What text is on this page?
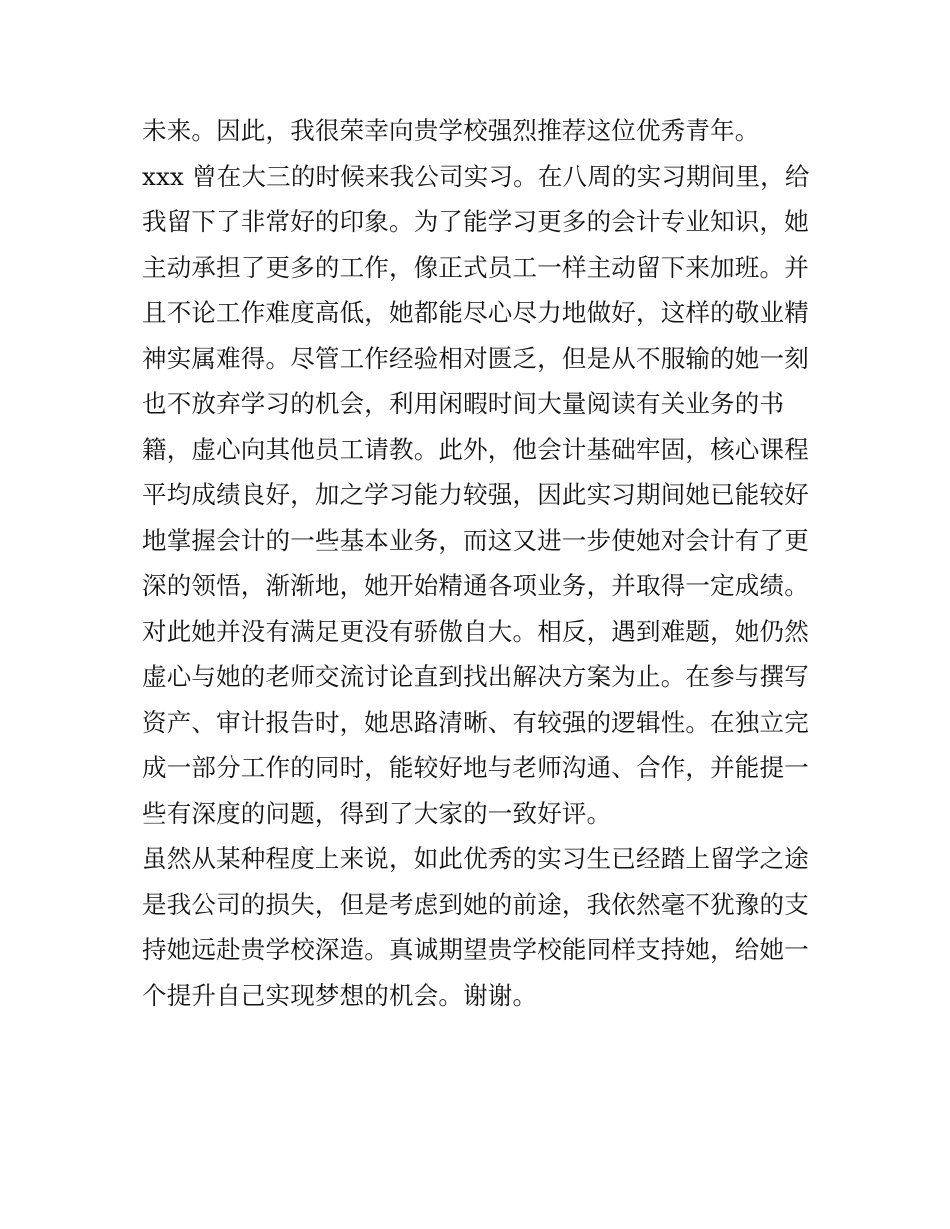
未来。因此，我很荣幸向贵学校强烈推荐这位优秀青年。
xxx 曾在大三的时候来我公司实习。在八周的实习期间里，给
我留下了非常好的印象。为了能学习更多的会计专业知识，她
主动承担了更多的工作，像正式员工一样主动留下来加班。并
且不论工作难度高低，她都能尽心尽力地做好，这样的敬业精
神实属难得。尽管工作经验相对匮乏，但是从不服输的她一刻
也不放弃学习的机会，利用闲暇时间大量阅读有关业务的书
籍，虚心向其他员工请教。此外，他会计基础牢固，核心课程
平均成绩良好，加之学习能力较强，因此实习期间她已能较好
地掌握会计的一些基本业务，而这又进一步使她对会计有了更
深的领悟，渐渐地，她开始精通各项业务，并取得一定成绩。
对此她并没有满足更没有骄傲自大。相反，遇到难题，她仍然
虚心与她的老师交流讨论直到找出解决方案为止。在参与撰写
资产、审计报告时，她思路清晰、有较强的逻辑性。在独立完
成一部分工作的同时，能较好地与老师沟通、合作，并能提一
些有深度的问题，得到了大家的一致好评。
虽然从某种程度上来说，如此优秀的实习生已经踏上留学之途
是我公司的损失，但是考虑到她的前途，我依然毫不犹豫的支
持她远赴贵学校深造。真诚期望贵学校能同样支持她，给她一
个提升自己实现梦想的机会。谢谢。
